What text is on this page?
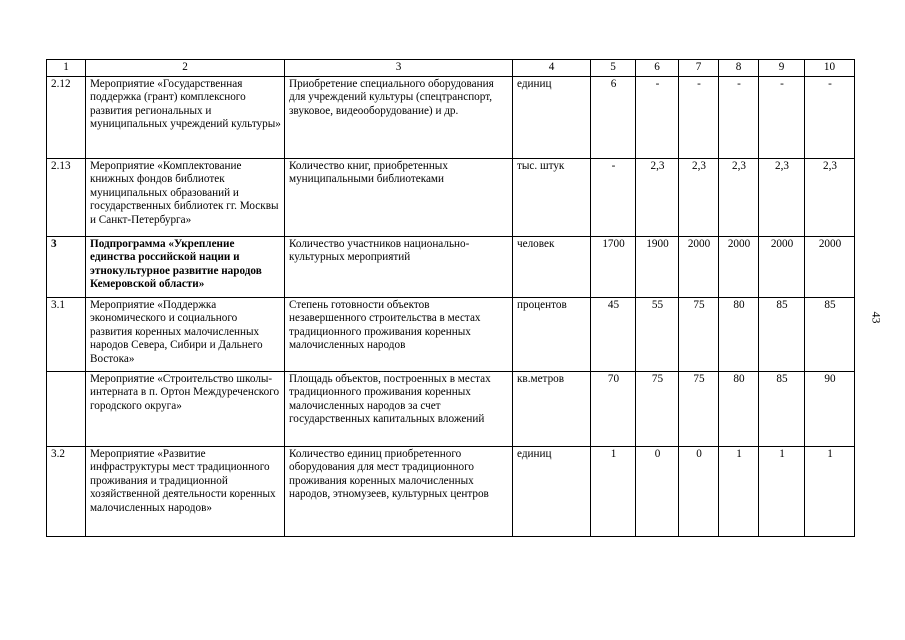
1	2	3	4	5	6	7	8	9	10
2.12	Мероприятие «Государственная поддержка (грант) комплексного развития региональных и муниципальных учреждений культуры»	Приобретение специального оборудования для учреждений культуры (спецтранспорт, звуковое, видеооборудование) и др.	единиц	6	-	-	-	-	-
2.13	Мероприятие «Комплектование книжных фондов библиотек муниципальных образований и государственных библиотек гг. Москвы и Санкт-Петербурга»	Количество книг, приобретенных муниципальными библиотеками	тыс. штук	-	2,3	2,3	2,3	2,3	2,3
3	Подпрограмма «Укрепление единства российской нации и этнокультурное развитие народов Кемеровской области»	Количество участников национально-культурных мероприятий	человек	1700	1900	2000	2000	2000	2000
3.1	Мероприятие «Поддержка экономического и социального развития коренных малочисленных народов Севера, Сибири и Дальнего Востока»	Степень готовности объектов незавершенного строительства в местах традиционного проживания коренных малочисленных народов	процентов	45	55	75	80	85	85
	Мероприятие «Строительство школы-интерната в п. Ортон Междуреченского городского округа»	Площадь объектов, построенных в местах традиционного проживания коренных малочисленных народов за счет государственных капитальных вложений	кв.метров	70	75	75	80	85	90
3.2	Мероприятие «Развитие инфраструктуры мест традиционного проживания и традиционной хозяйственной деятельности коренных малочисленных народов»	Количество единиц приобретенного оборудования для мест традиционного проживания коренных малочисленных народов, этномузеев, культурных центров	единиц	1	0	0	1	1	1
43
